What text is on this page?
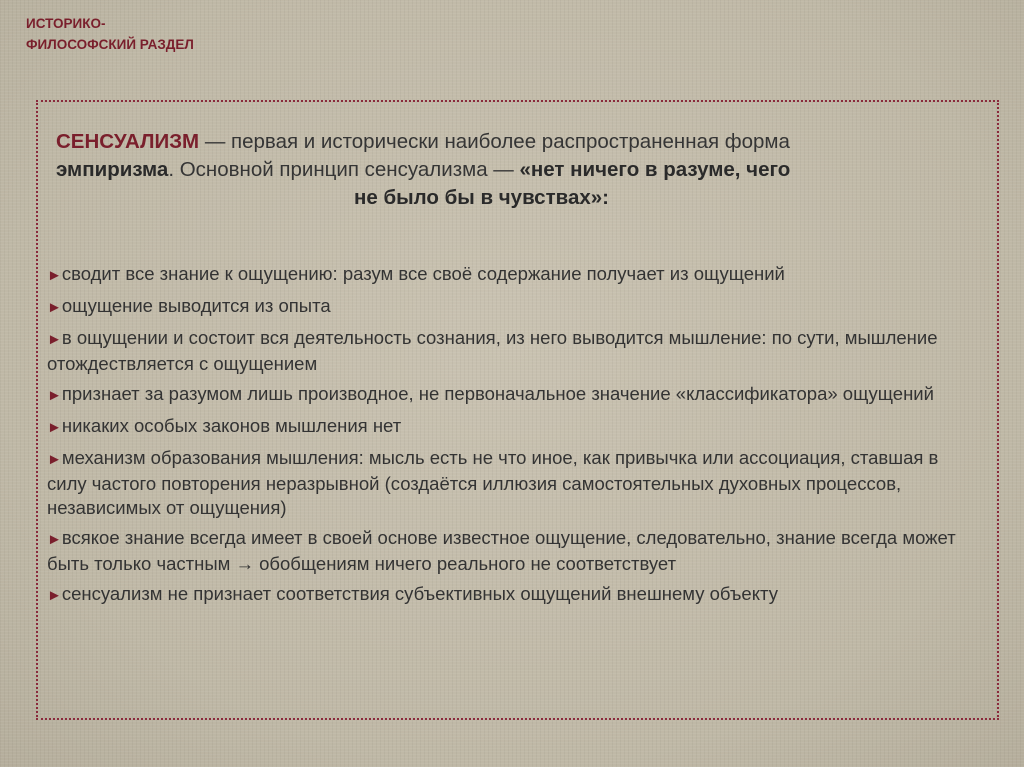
ИСТОРИКО-
ФИЛОСОФСКИЙ РАЗДЕЛ
СЕНСУАЛИЗМ — первая и исторически наиболее распространенная форма
эмпиризма. Основной принцип сенсуализма — «нет ничего в разуме, чего
не было бы в чувствах»:
►сводит все знание к ощущению: разум все своё содержание получает из ощущений
►ощущение выводится из опыта
►в ощущении и состоит вся деятельность сознания, из него выводится мышление: по сути, мышление отождествляется с ощущением
►признает за разумом лишь производное, не первоначальное значение «классификатора» ощущений
►никаких особых законов мышления нет
►механизм образования мышления: мысль есть не что иное, как привычка или ассоциация, ставшая в силу частого повторения неразрывной (создаётся иллюзия самостоятельных духовных процессов, независимых от ощущения)
►всякое знание всегда имеет в своей основе известное ощущение, следовательно, знание всегда может быть только частным → обобщениям ничего реального не соответствует
►сенсуализм не признает соответствия субъективных ощущений внешнему объекту
